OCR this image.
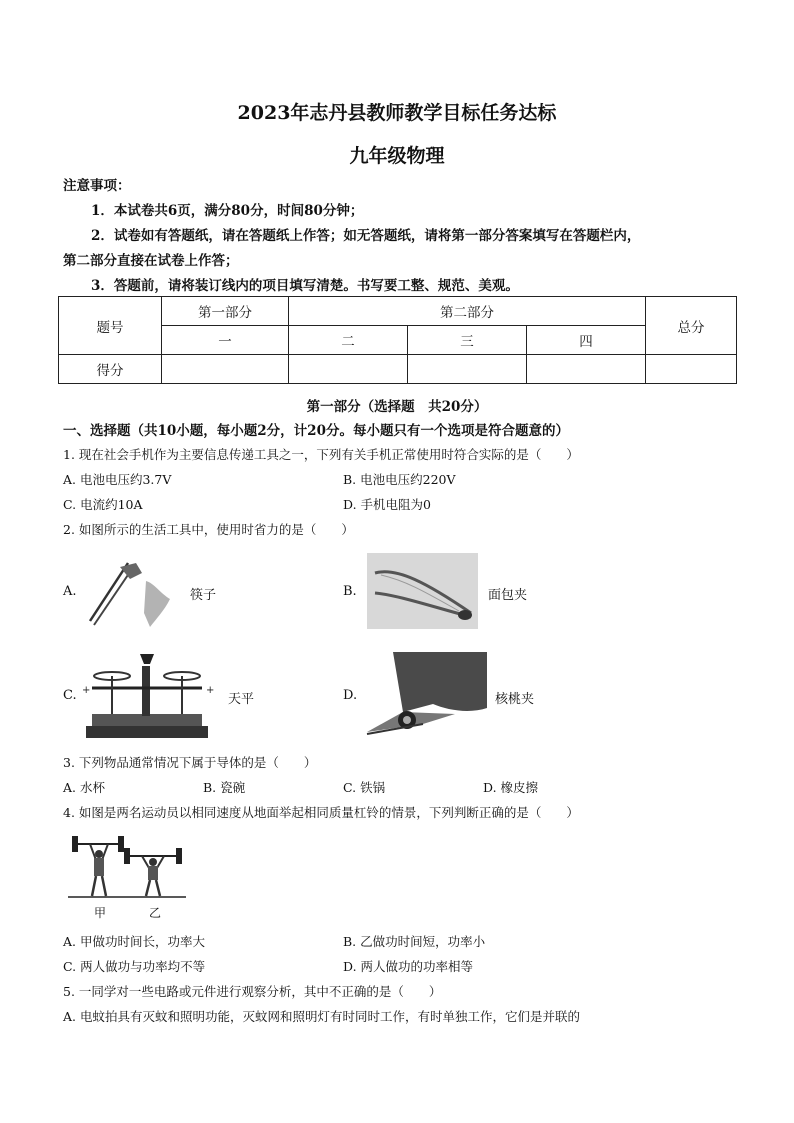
2023年志丹县教师教学目标任务达标
九年级物理
注意事项：
1．本试卷共6页，满分80分，时间80分钟；
2．试卷如有答题纸，请在答题纸上作答；如无答题纸，请将第一部分答案填写在答题栏内，
第二部分直接在试卷上作答；
3．答题前，请将装订线内的项目填写清楚。书写要工整、规范、美观。
题号	第一部分	第二部分			总分
	一	二	三	四	
得分					
第一部分（选择题　共20分）
一、选择题（共10小题，每小题2分，计20分。每小题只有一个选项是符合题意的）
1. 现在社会手机作为主要信息传递工具之一，下列有关手机正常使用时符合实际的是（　　）
A. 电池电压约3.7V	B. 电池电压约220V
C. 电流约10A	D. 手机电阻为0
2. 如图所示的生活工具中，使用时省力的是（　　）
A.	筷子	B.	面包夹
C. +	+
天平	D.	核桃夹
3. 下列物品通常情况下属于导体的是（　　）
A. 水杯	B. 瓷碗	C. 铁锅	D. 橡皮擦
4. 如图是两名运动员以相同速度从地面举起相同质量杠铃的情景，下列判断正确的是（　　）
甲	乙
A. 甲做功时间长，功率大	B. 乙做功时间短，功率小
C. 两人做功与功率均不等	D. 两人做功的功率相等
5. 一同学对一些电路或元件进行观察分析，其中不正确的是（　　）
A. 电蚊拍具有灭蚊和照明功能，灭蚊网和照明灯有时同时工作，有时单独工作，它们是并联的
